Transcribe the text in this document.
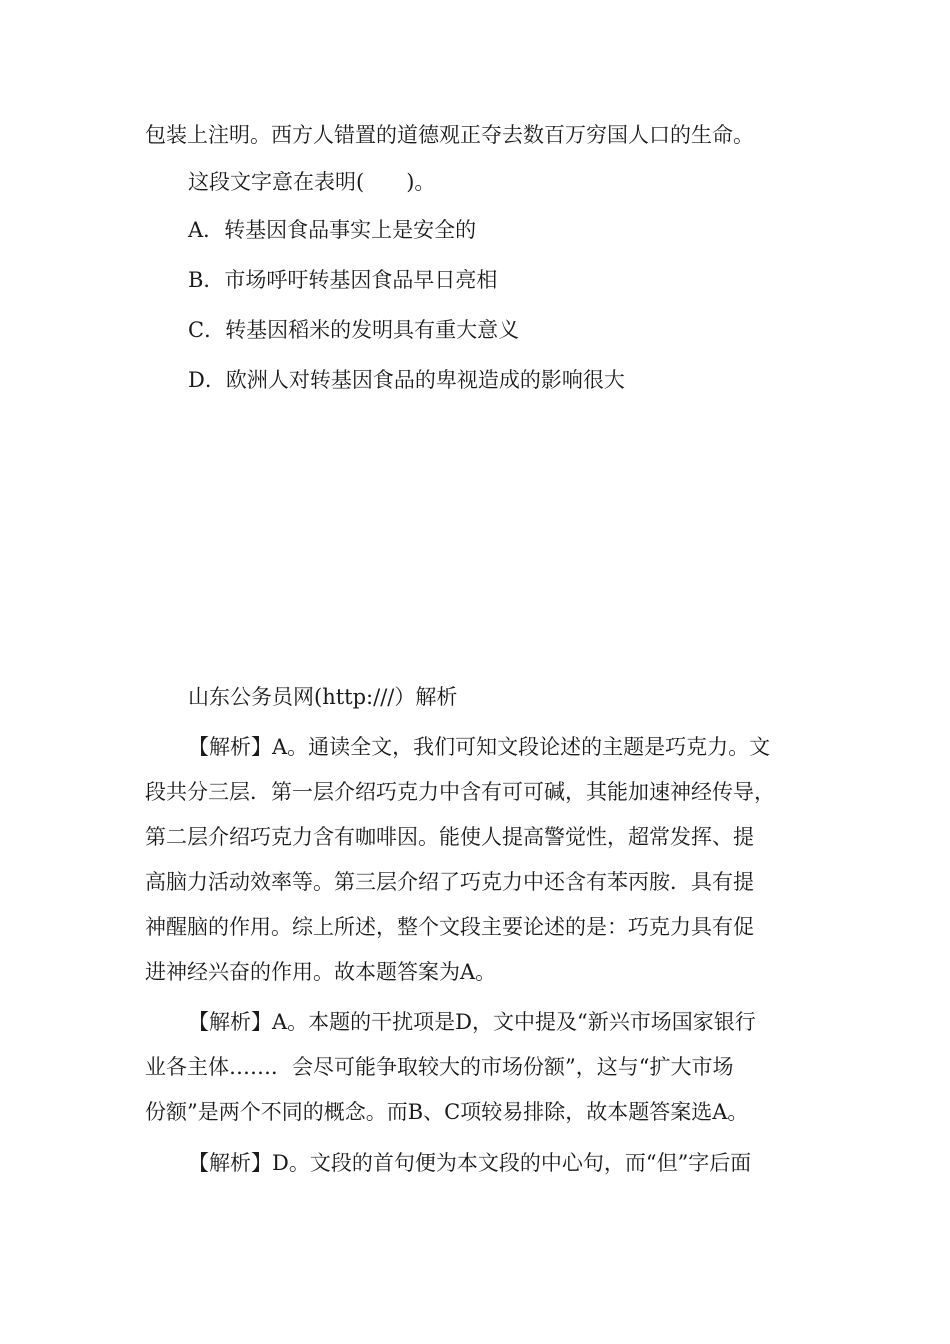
包装上注明。西方人错置的道德观正夺去数百万穷国人口的生命。
这段文字意在表明(　　)。
A．转基因食品事实上是安全的
B．市场呼吁转基因食品早日亮相
C．转基因稻米的发明具有重大意义
D．欧洲人对转基因食品的卑视造成的影响很大
山东公务员网(http:///）解析
【解析】A。通读全文，我们可知文段论述的主题是巧克力。文
段共分三层．第一层介绍巧克力中含有可可碱，其能加速神经传导，
第二层介绍巧克力含有咖啡因。能使人提高警觉性，超常发挥、提
高脑力活动效率等。第三层介绍了巧克力中还含有苯丙胺．具有提
神醒脑的作用。综上所述，整个文段主要论述的是：巧克力具有促
进神经兴奋的作用。故本题答案为A。
【解析】A。本题的干扰项是D，文中提及“新兴市场国家银行
业各主体……．会尽可能争取较大的市场份额”，这与“扩大市场
份额”是两个不同的概念。而B、C项较易排除，故本题答案选A。
【解析】D。文段的首句便为本文段的中心句，而“但”字后面
